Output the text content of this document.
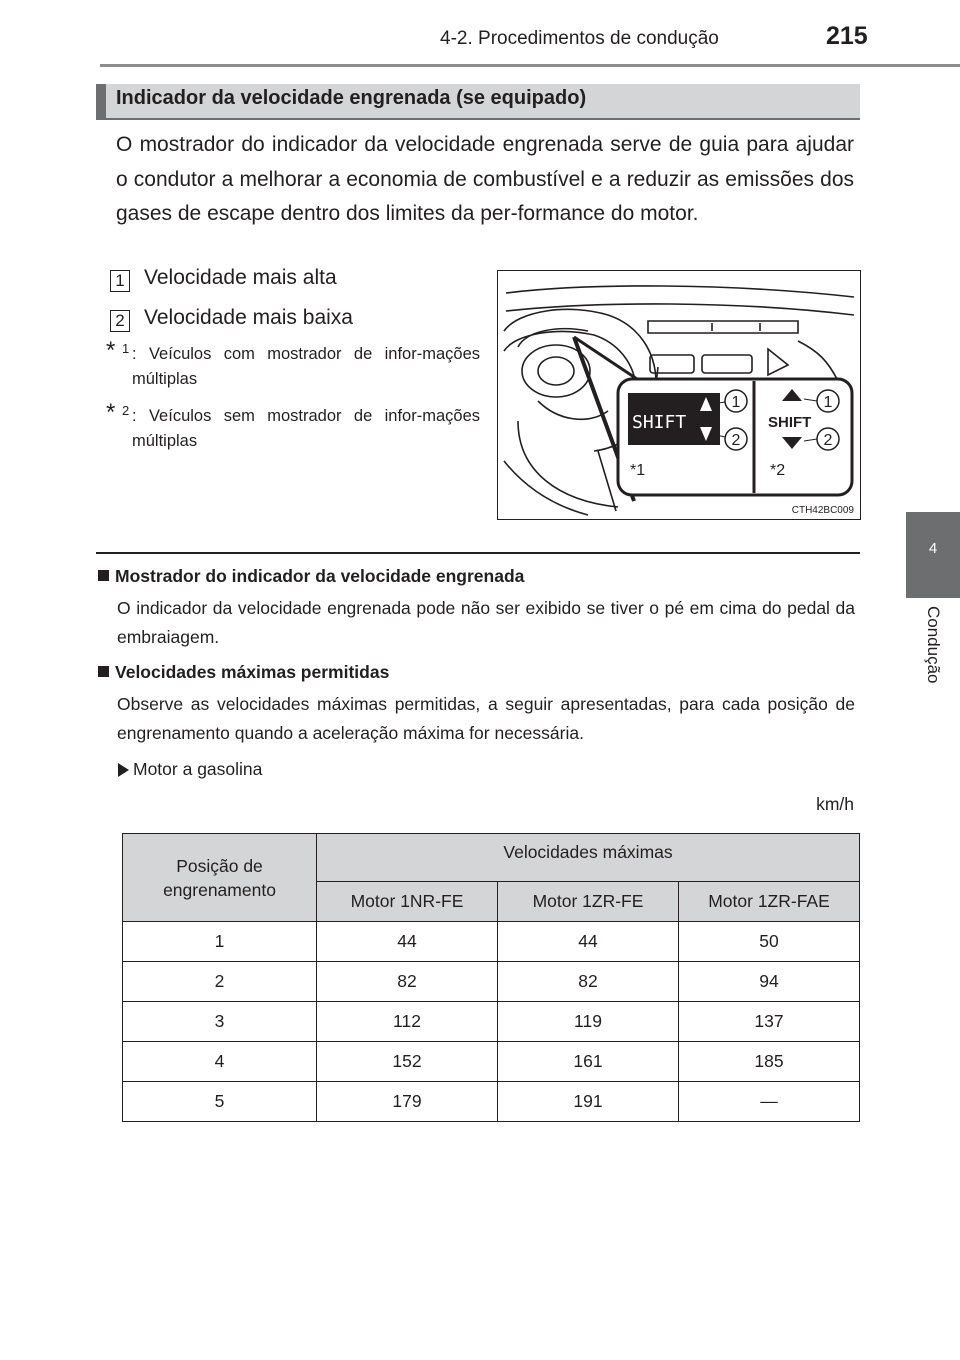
4-2. Procedimentos de condução	215
4
Condução
Indicador da velocidade engrenada (se equipado)
O mostrador do indicador da velocidade engrenada serve de guia para ajudar o condutor a melhorar a economia de combustível e a reduzir as emissões dos gases de escape dentro dos limites da per-formance do motor.
1 Velocidade mais alta
2 Velocidade mais baixa
* 1 : Veículos com mostrador de infor-mações múltiplas
* 2 : Veículos sem mostrador de infor-mações múltiplas
SHIFT
1
2
SHIFT
1
2
*1	*2
CTH42BC009
Mostrador do indicador da velocidade engrenada
O indicador da velocidade engrenada pode não ser exibido se tiver o pé em cima do pedal da embraiagem.
Velocidades máximas permitidas
Observe as velocidades máximas permitidas, a seguir apresentadas, para cada posição de engrenamento quando a aceleração máxima for necessária.
Motor a gasolina
km/h
Posição de engrenamento	Velocidades máximas		
	Motor 1NR-FE	Motor 1ZR-FE	Motor 1ZR-FAE
1	44	44	50
2	82	82	94
3	112	119	137
4	152	161	185
5	179	191	—
